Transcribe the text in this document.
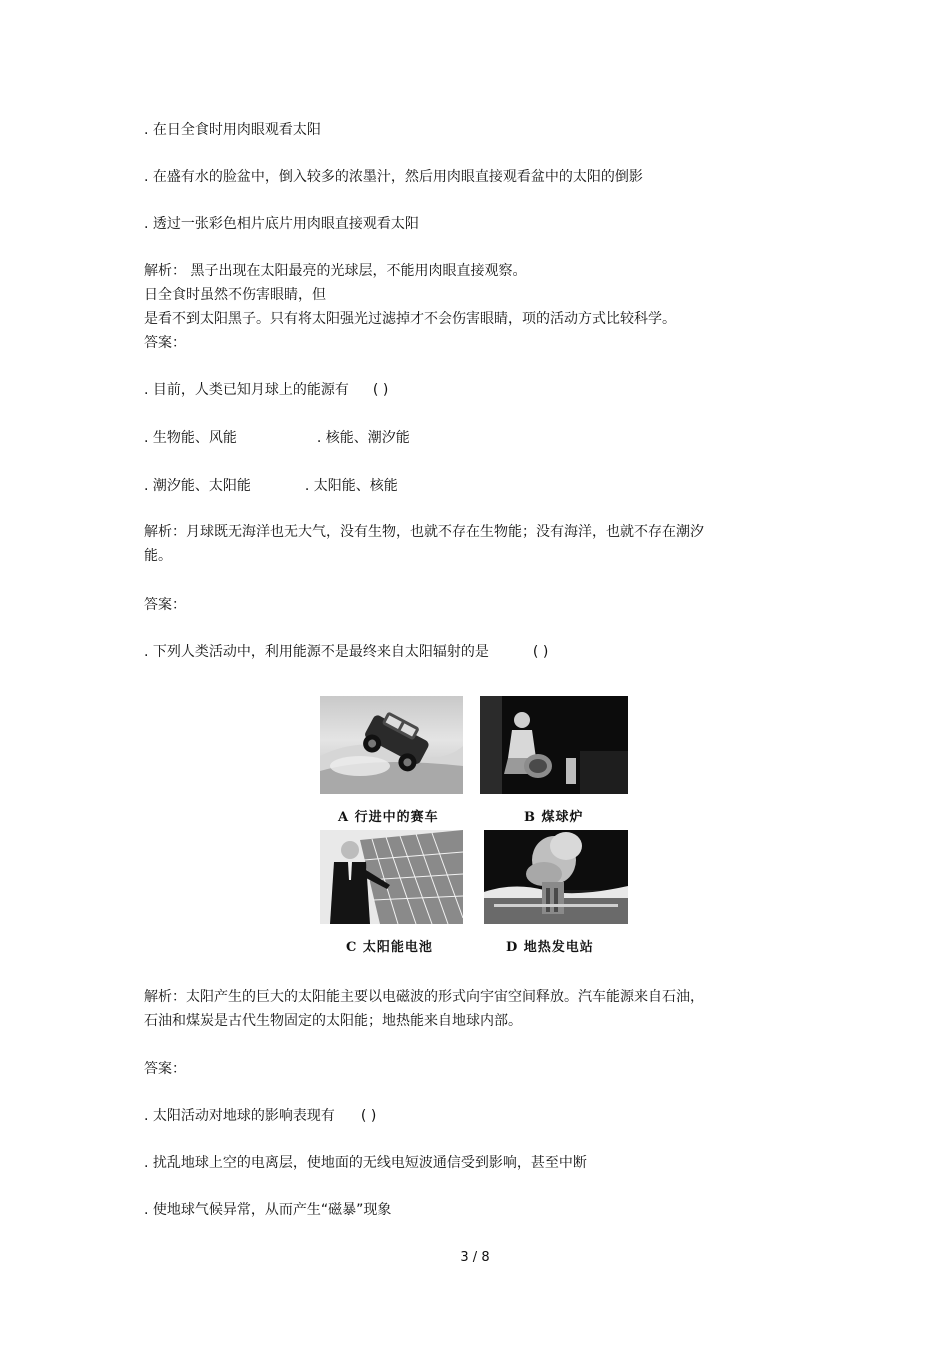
. 在日全食时用肉眼观看太阳
. 在盛有水的脸盆中，倒入较多的浓墨汁，然后用肉眼直接观看盆中的太阳的倒影
. 透过一张彩色相片底片用肉眼直接观看太阳
解析： 黑子出现在太阳最亮的光球层，不能用肉眼直接观察。
日全食时虽然不伤害眼睛，但
是看不到太阳黑子。只有将太阳强光过滤掉才不会伤害眼睛，项的活动方式比较科学。
答案：
. 目前，人类已知月球上的能源有 ( )
. 生物能、风能	. 核能、潮汐能
. 潮汐能、太阳能	. 太阳能、核能
解析：月球既无海洋也无大气，没有生物，也就不存在生物能；没有海洋，也就不存在潮汐
能。
答案：
. 下列人类活动中，利用能源不是最终来自太阳辐射的是	( )
A 行进中的赛车	B 煤球炉
C 太阳能电池	D 地热发电站
解析：太阳产生的巨大的太阳能主要以电磁波的形式向宇宙空间释放。汽车能源来自石油，
石油和煤炭是古代生物固定的太阳能；地热能来自地球内部。
答案：
. 太阳活动对地球的影响表现有 ( )
. 扰乱地球上空的电离层，使地面的无线电短波通信受到影响，甚至中断
. 使地球气候异常，从而产生“磁暴”现象
3 / 8
